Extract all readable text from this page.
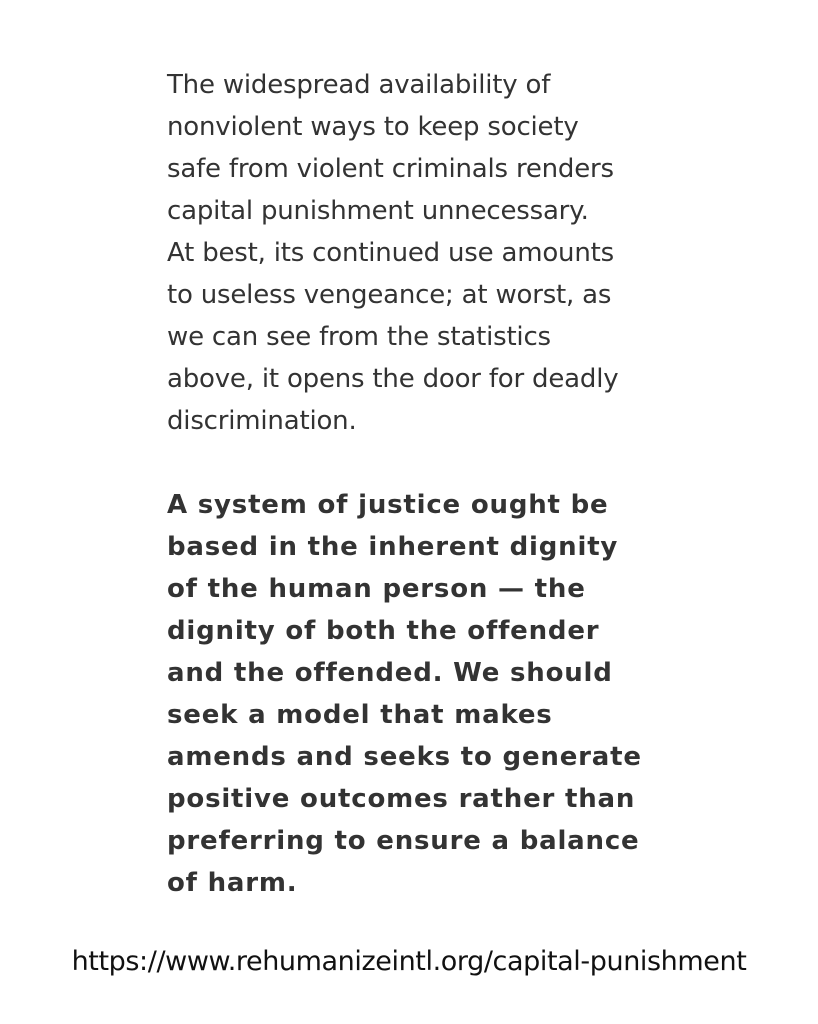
The widespread availability of
nonviolent ways to keep society
safe from violent criminals renders
capital punishment unnecessary.
At best, its continued use amounts
to useless vengeance; at worst, as
we can see from the statistics
above, it opens the door for deadly
discrimination.

A system of justice ought be
based in the inherent dignity
of the human person — the
dignity of both the offender
and the offended. We should
seek a model that makes
amends and seeks to generate
positive outcomes rather than
preferring to ensure a balance
of harm.

https://www.rehumanizeintl.org/capital-punishment
